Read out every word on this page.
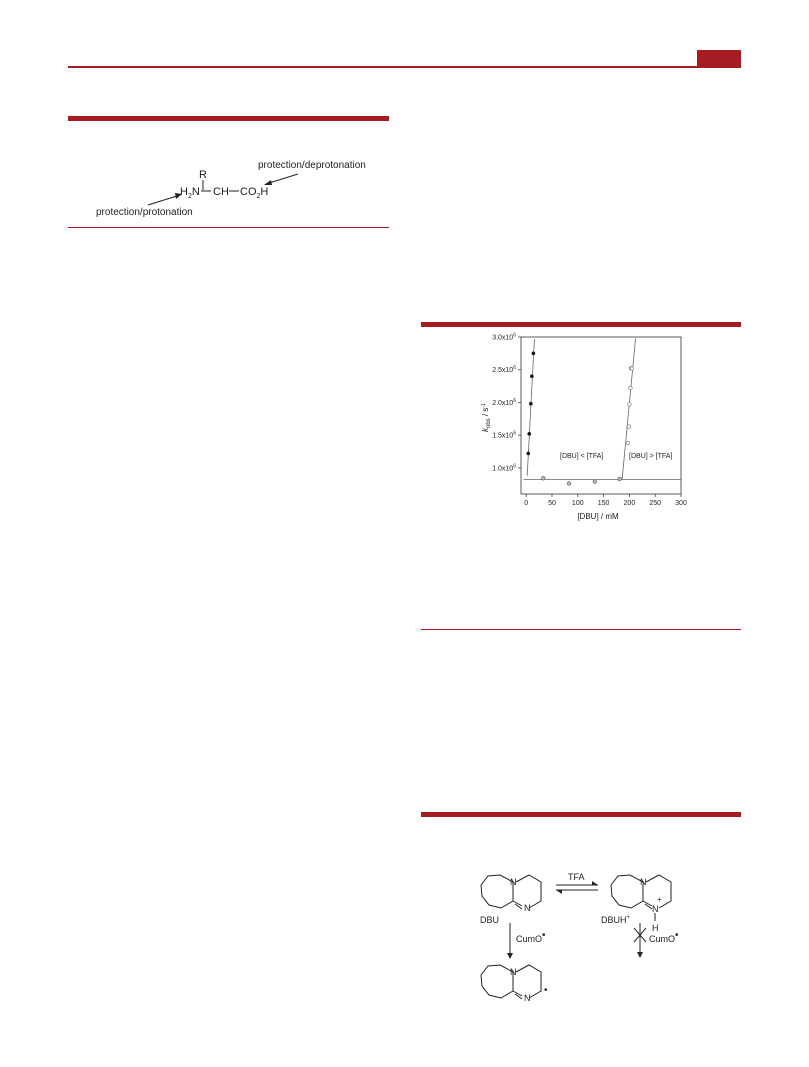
R
$H_2N$ CH $CO_2H$
protection/deprotonation
protection/protonation
0	50 100 150 200 250 300
$1.0x10^6$
$1.5x10^6$
$2.0x10^6$
$2.5x10^6$
$3.0x10^6$
[DBU] < [TFA]	[DBU] > [TFA]
$k_{obs} / s^{-1}$
[DBU] / mM
N
N
DBU
TFA	N
N
+
H
DBUH+
CumO•	CumO•
N
N
•
